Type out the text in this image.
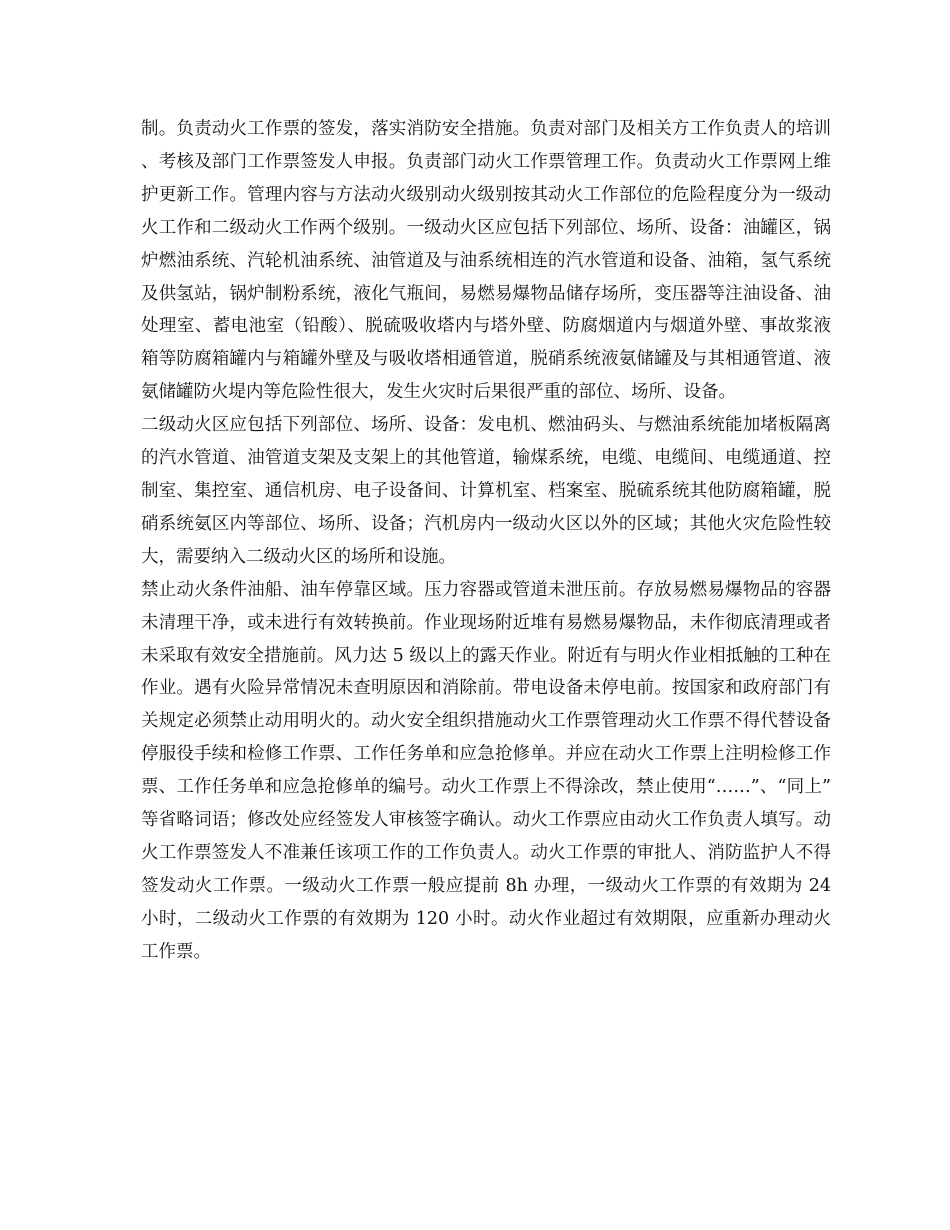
制。负责动火工作票的签发，落实消防安全措施。负责对部门及相关方工作负责人的培训、考核及部门工作票签发人申报。负责部门动火工作票管理工作。负责动火工作票网上维护更新工作。管理内容与方法动火级别动火级别按其动火工作部位的危险程度分为一级动火工作和二级动火工作两个级别。一级动火区应包括下列部位、场所、设备：油罐区，锅炉燃油系统、汽轮机油系统、油管道及与油系统相连的汽水管道和设备、油箱，氢气系统及供氢站，锅炉制粉系统，液化气瓶间，易燃易爆物品储存场所，变压器等注油设备、油处理室、蓄电池室（铅酸）、脱硫吸收塔内与塔外壁、防腐烟道内与烟道外壁、事故浆液箱等防腐箱罐内与箱罐外壁及与吸收塔相通管道，脱硝系统液氨储罐及与其相通管道、液氨储罐防火堤内等危险性很大，发生火灾时后果很严重的部位、场所、设备。

二级动火区应包括下列部位、场所、设备：发电机、燃油码头、与燃油系统能加堵板隔离的汽水管道、油管道支架及支架上的其他管道，输煤系统，电缆、电缆间、电缆通道、控制室、集控室、通信机房、电子设备间、计算机室、档案室、脱硫系统其他防腐箱罐，脱硝系统氨区内等部位、场所、设备；汽机房内一级动火区以外的区域；其他火灾危险性较大，需要纳入二级动火区的场所和设施。

禁止动火条件油船、油车停靠区域。压力容器或管道未泄压前。存放易燃易爆物品的容器未清理干净，或未进行有效转换前。作业现场附近堆有易燃易爆物品，未作彻底清理或者未采取有效安全措施前。风力达 5 级以上的露天作业。附近有与明火作业相抵触的工种在作业。遇有火险异常情况未查明原因和消除前。带电设备未停电前。按国家和政府部门有关规定必须禁止动用明火的。动火安全组织措施动火工作票管理动火工作票不得代替设备停服役手续和检修工作票、工作任务单和应急抢修单。并应在动火工作票上注明检修工作票、工作任务单和应急抢修单的编号。动火工作票上不得涂改，禁止使用“……”、“同上”等省略词语；修改处应经签发人审核签字确认。动火工作票应由动火工作负责人填写。动火工作票签发人不准兼任该项工作的工作负责人。动火工作票的审批人、消防监护人不得签发动火工作票。一级动火工作票一般应提前 8h 办理，一级动火工作票的有效期为 24 小时，二级动火工作票的有效期为 120 小时。动火作业超过有效期限，应重新办理动火工作票。
